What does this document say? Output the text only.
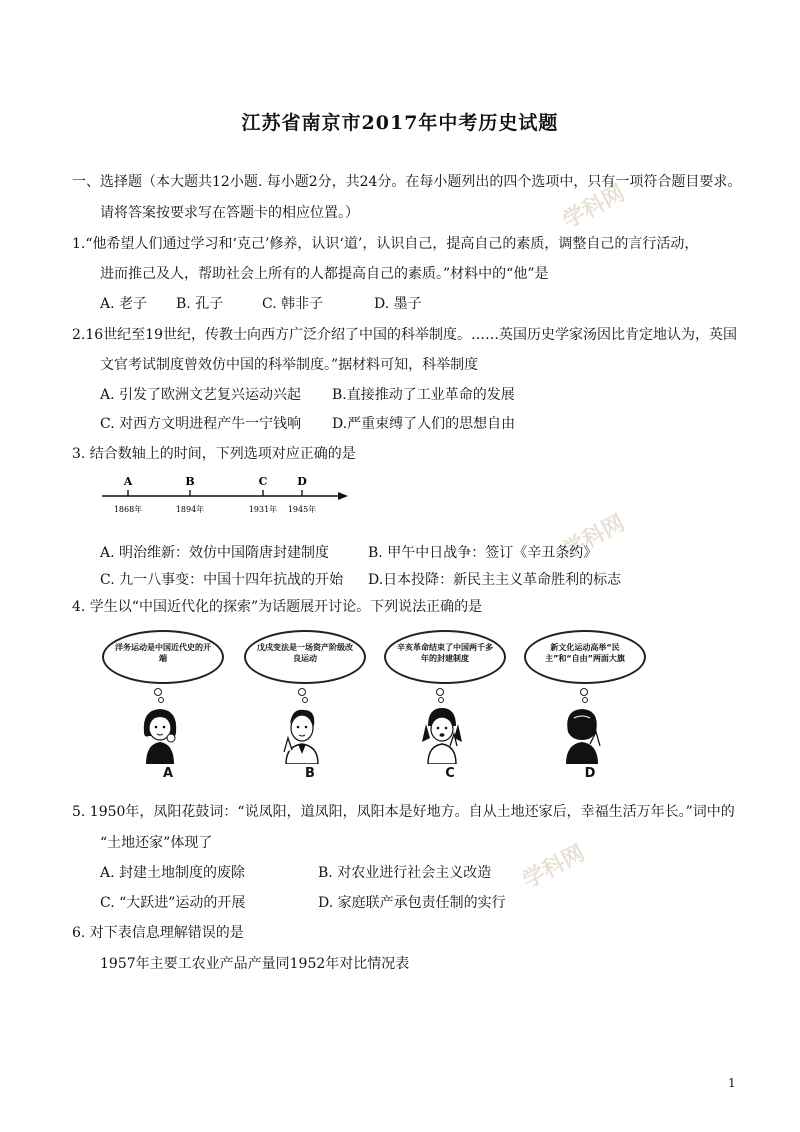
学科网
学科网
学科网
江苏省南京市2017年中考历史试题
一、选择题（本大题共12小题. 每小题2分，共24分。在每小题列出的四个选项中，只有一项符合题目要求。
请将答案按要求写在答题卡的相应位置。）
1.“他希望人们通过学习和‘克己’修养，认识‘道’，认识自己，提高自己的素质，调整自己的言行活动，
进而推己及人，帮助社会上所有的人都提高自己的素质。”材料中的“他”是
A. 老子 B. 孔子	C. 韩非子	D. 墨子
2.16世纪至19世纪，传教士向西方广泛介绍了中国的科举制度。……英国历史学家汤因比肯定地认为，英国
文官考试制度曾效仿中国的科举制度。”据材料可知，科举制度
A. 引发了欧洲文艺复兴运动兴起 B.直接推动了工业革命的发展
C. 对西方文明进程产牛一宁钱响 D.严重束缚了人们的思想自由
3. 结合数轴上的时间，下列选项对应正确的是
A
1868年
B
1894年
C
1931年
D
1945年
A. 明治维新：效仿中国隋唐封建制度	B. 甲午中日战争：签订《辛丑条约》
C. 九一八事变：中国十四年抗战的开始 D.日本投降：新民主主义革命胜利的标志
4. 学生以“中国近代化的探索”为话题展开讨论。下列说法正确的是
洋务运动是中国近代史的开端
A
戊戌变法是一场资产阶级改良运动
B
辛亥革命结束了中国两千多年的封建制度
C
新文化运动高举“民主”和“自由”两面大旗
D
5. 1950年，凤阳花鼓词：“说凤阳，道凤阳，凤阳本是好地方。自从土地还家后，幸福生活万年长。”词中的
“土地还家”体现了
A. 封建土地制度的废除	B. 对农业进行社会主义改造
C. “大跃进”运动的开展	D. 家庭联产承包责任制的实行
6. 对下表信息理解错误的是
1957年主要工农业产品产量同1952年对比情况表
1
